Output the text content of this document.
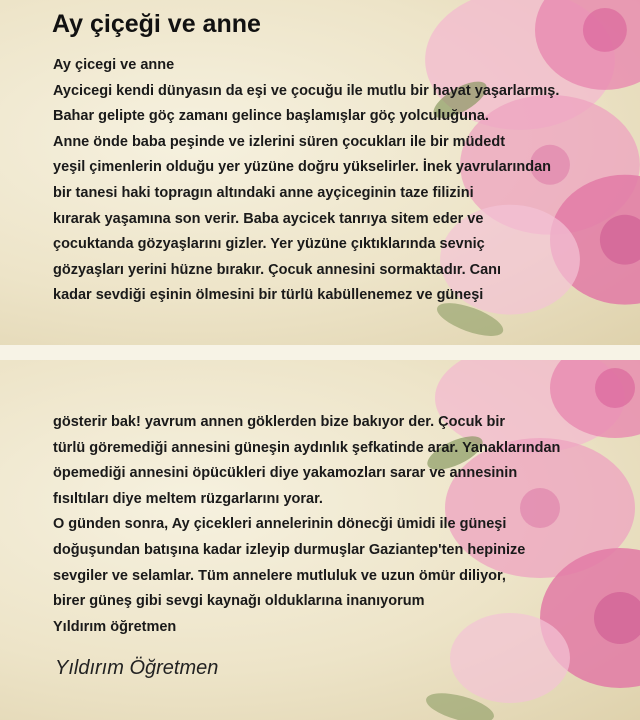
Ay çiçeği ve anne
Ay çicegi ve anne
Aycicegi kendi dünyasın da eşi ve çocuğu ile mutlu bir hayat yaşarlarmış.
Bahar gelipte göç zamanı gelince başlamışlar göç yolculuğuna.
Anne önde baba peşinde ve izlerini süren çocukları ile bir müdedt
yeşil çimenlerin olduğu yer yüzüne doğru yükselirler. İnek yavrularından
bir tanesi haki topragın altındaki anne ayçiceginin taze filizini
kırarak yaşamına son verir. Baba aycicek tanrıya sitem eder ve
çocuktanda gözyaşlarını gizler. Yer yüzüne çıktıklarında sevniç
gözyaşları yerini hüzne bırakır. Çocuk annesini sormaktadır. Canı
kadar sevdiği eşinin ölmesini bir türlü kabüllenemez ve güneşi
gösterir bak! yavrum annen göklerden bize bakıyor der. Çocuk bir
türlü göremediği annesini güneşin aydınlık şefkatinde arar. Yanaklarından
öpemediği annesini öpücükleri diye yakamozları sarar ve annesinin
fısıltıları diye meltem rüzgarlarını yorar.
O günden sonra, Ay çicekleri annelerinin dönecği ümidi ile güneşi
doğuşundan batışına kadar izleyip durmuşlar Gaziantep'ten hepinize
sevgiler ve selamlar. Tüm annelere mutluluk ve uzun ömür diliyor,
birer güneş gibi sevgi kaynağı olduklarına inanıyorum
Yıldırım öğretmen
Yıldırım Öğretmen
